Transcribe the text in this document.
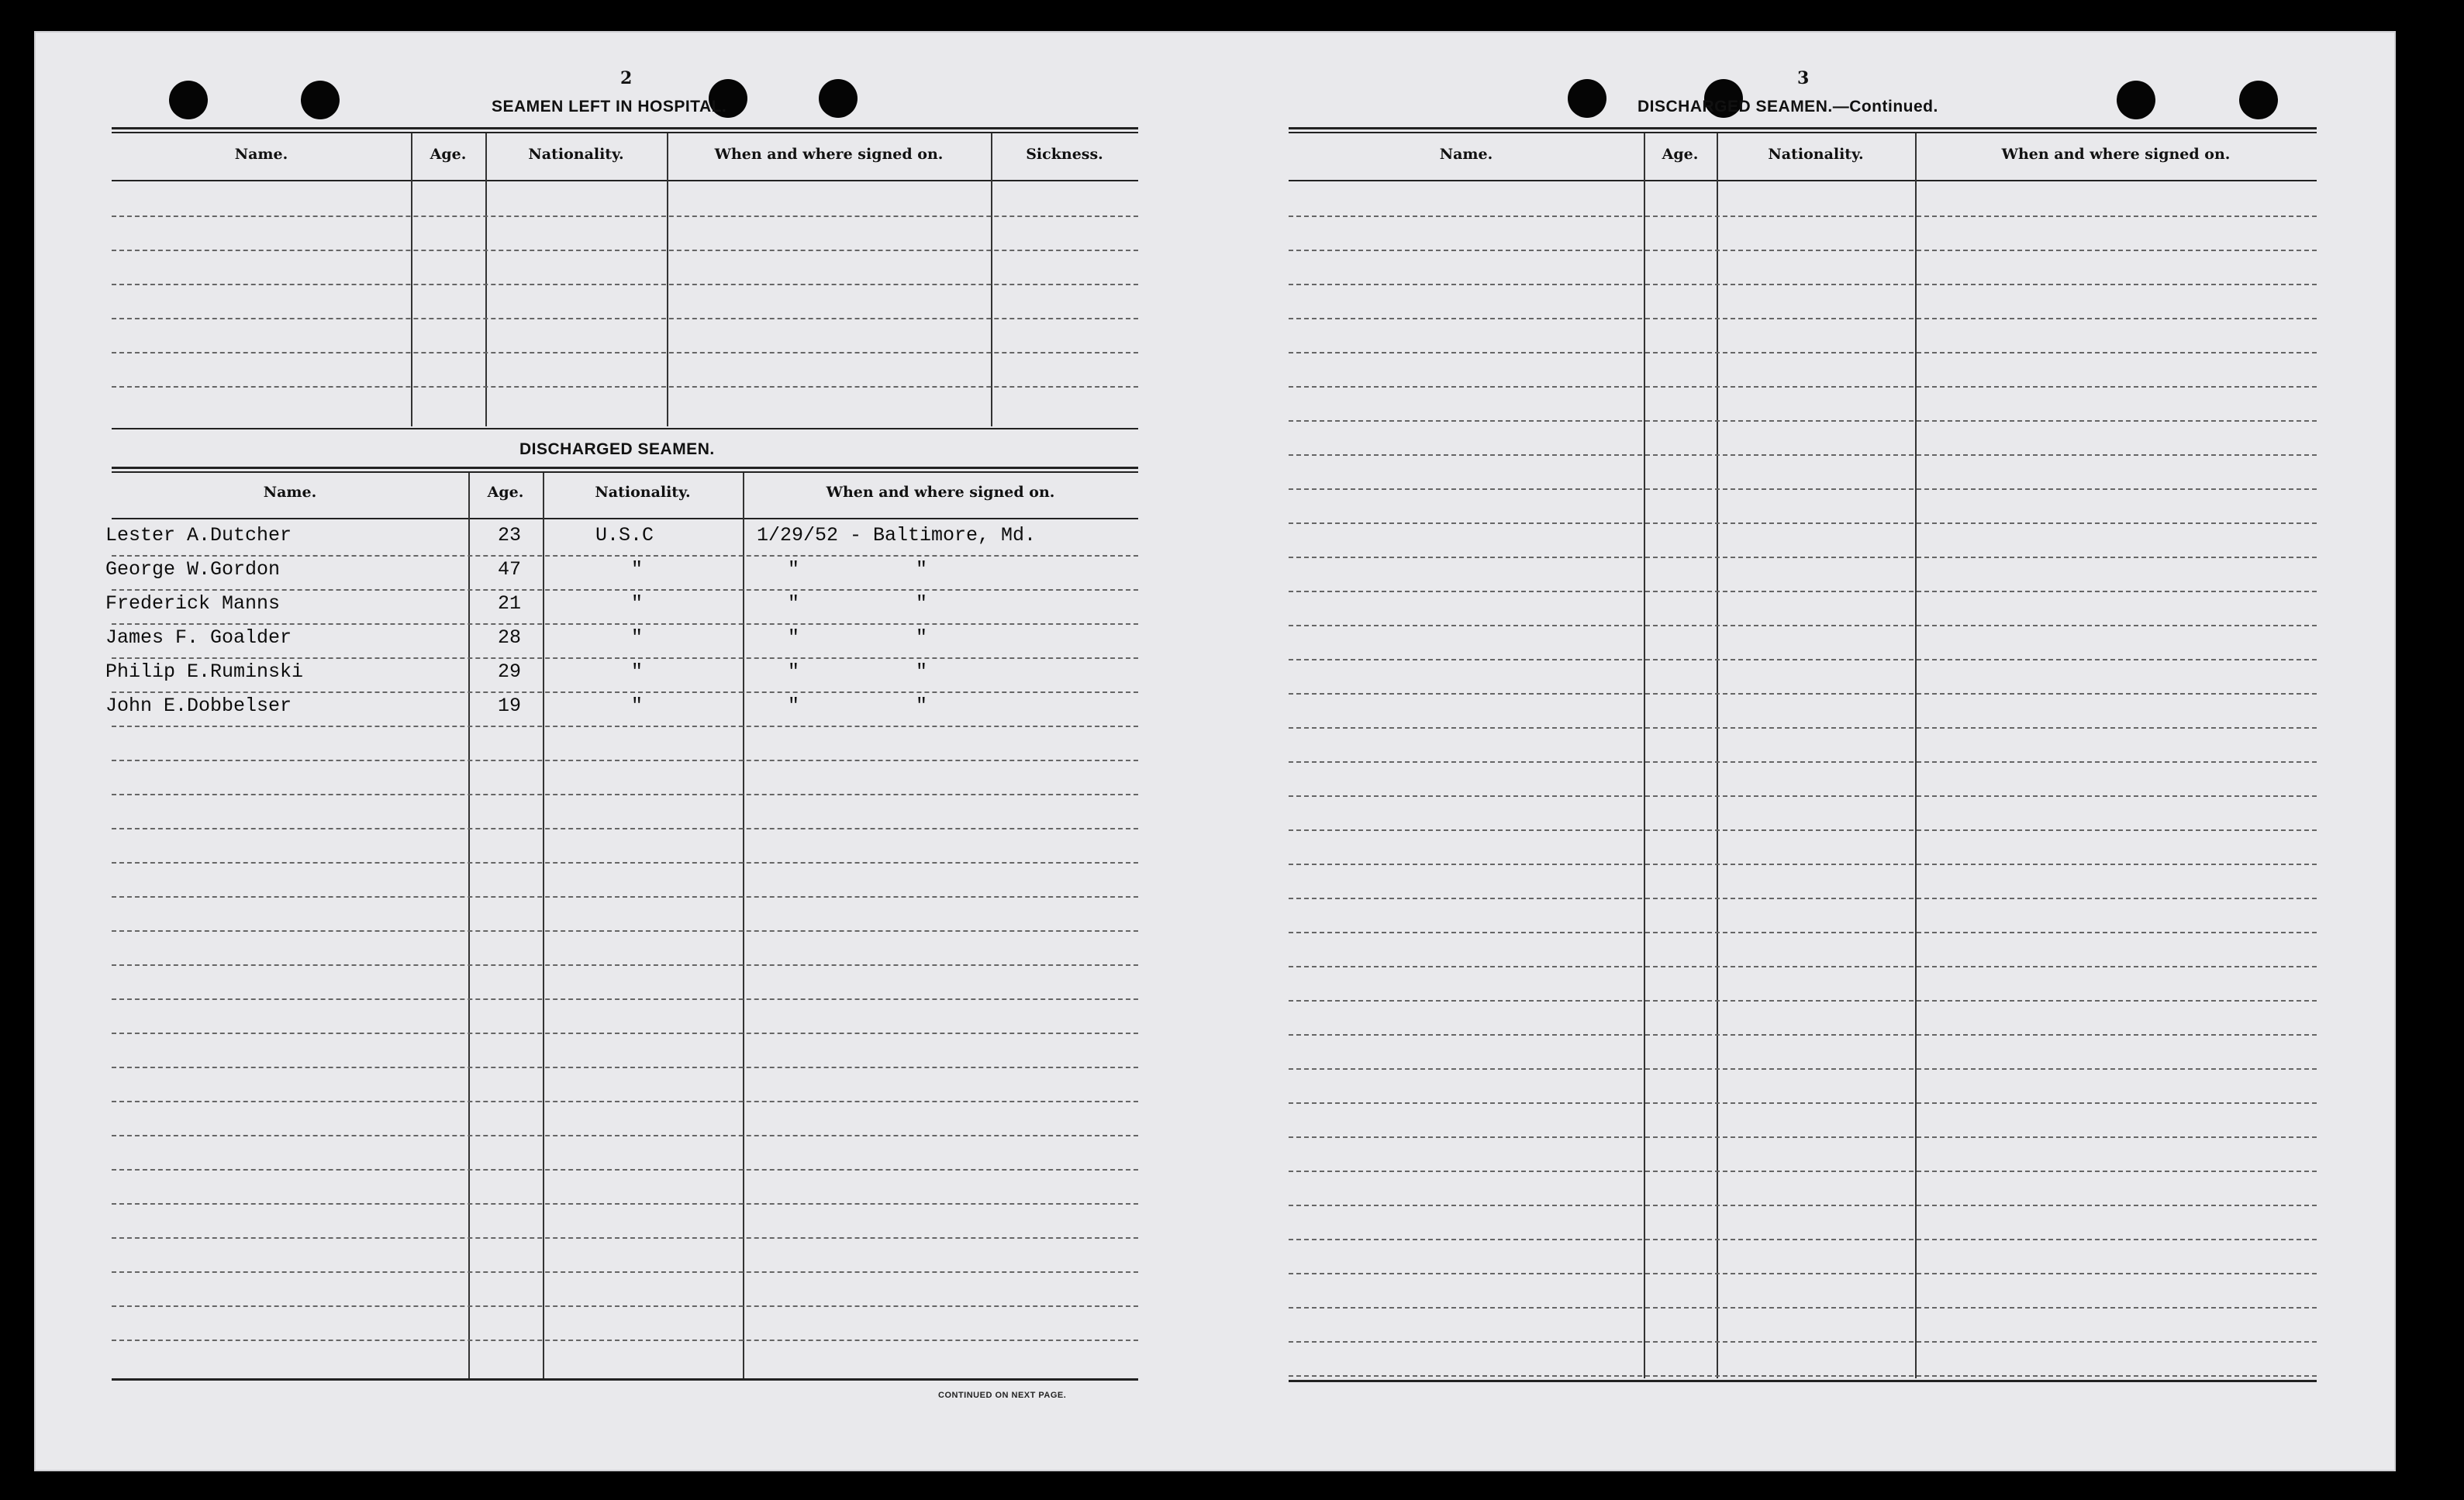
2
SEAMEN LEFT IN HOSPITAL.
Name.	Age.	Nationality.	When and where signed on.	Sickness.
DISCHARGED SEAMEN.
Name.	Age.	Nationality.	When and where signed on.
Lester A.Dutcher	23	U.S.C	1/29/52 - Baltimore, Md.
George W.Gordon	47	"	"          "
Frederick Manns	21	"	"          "
James F. Goalder	28	"	"          "
Philip E.Ruminski	29	"	"          "
John E.Dobbelser	19	"	"          "
CONTINUED ON NEXT PAGE.
3
DISCHARGED SEAMEN.—Continued.
Name.	Age.	Nationality.	When and where signed on.
